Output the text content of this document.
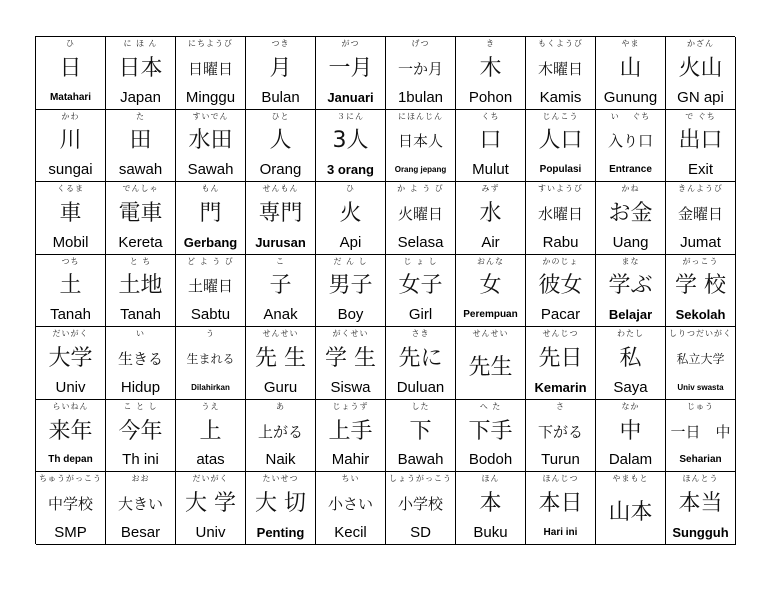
ひ
日
Matahari
に ほ ん
日本
Japan
にちようび
日曜日
Minggu
つき
月
Bulan
がつ
一月
Januari
げつ
一か月
1bulan
き
木
Pohon
もくようび
木曜日
Kamis
やま
山
Gunung
かざん
火山
GN api
かわ
川
sungai
た
田
sawah
すいでん
水田
Sawah
ひと
人
Orang
３にん
3人
3 orang
にほんじん
日本人
Orang jepang
くち
口
Mulut
じんこう
人口
Populasi
い　 ぐち
入り口
Entrance
で ぐち
出口
Exit
くるま
車
Mobil
でんしゃ
電車
Kereta
もん
門
Gerbang
せんもん
専門
Jurusan
ひ
火
Api
か よ う び
火曜日
Selasa
みず
水
Air
すいようび
水曜日
Rabu
かね
お金
Uang
きんようび
金曜日
Jumat
つち
土
Tanah
と ち
土地
Tanah
ど よ う び
土曜日
Sabtu
こ
子
Anak
だ ん し
男子
Boy
じ ょ し
女子
Girl
おんな
女
Perempuan
かのじょ
彼女
Pacar
まな
学ぶ
Belajar
がっこう
学 校
Sekolah
だいがく
大学
Univ
い
生きる
Hidup
う
生まれる
Dilahirkan
せんせい
先 生
Guru
がくせい
学 生
Siswa
さき
先に
Duluan
せんせい
先生
せんじつ
先日
Kemarin
わたし
私
Saya
しりつだいがく
私立大学
Univ swasta
らいねん
来年
Th depan
こ と し
今年
Th ini
うえ
上
atas
あ
上がる
Naik
じょうず
上手
Mahir
した
下
Bawah
へ た
下手
Bodoh
さ
下がる
Turun
なか
中
Dalam
じゅう
一日　中
Seharian
ちゅうがっこう
中学校
SMP
おお
大きい
Besar
だいがく
大 学
Univ
たいせつ
大 切
Penting
ちい
小さい
Kecil
しょうがっこう
小学校
SD
ほん
本
Buku
ほんじつ
本日
Hari ini
やまもと
山本
ほんとう
本当
Sungguh
